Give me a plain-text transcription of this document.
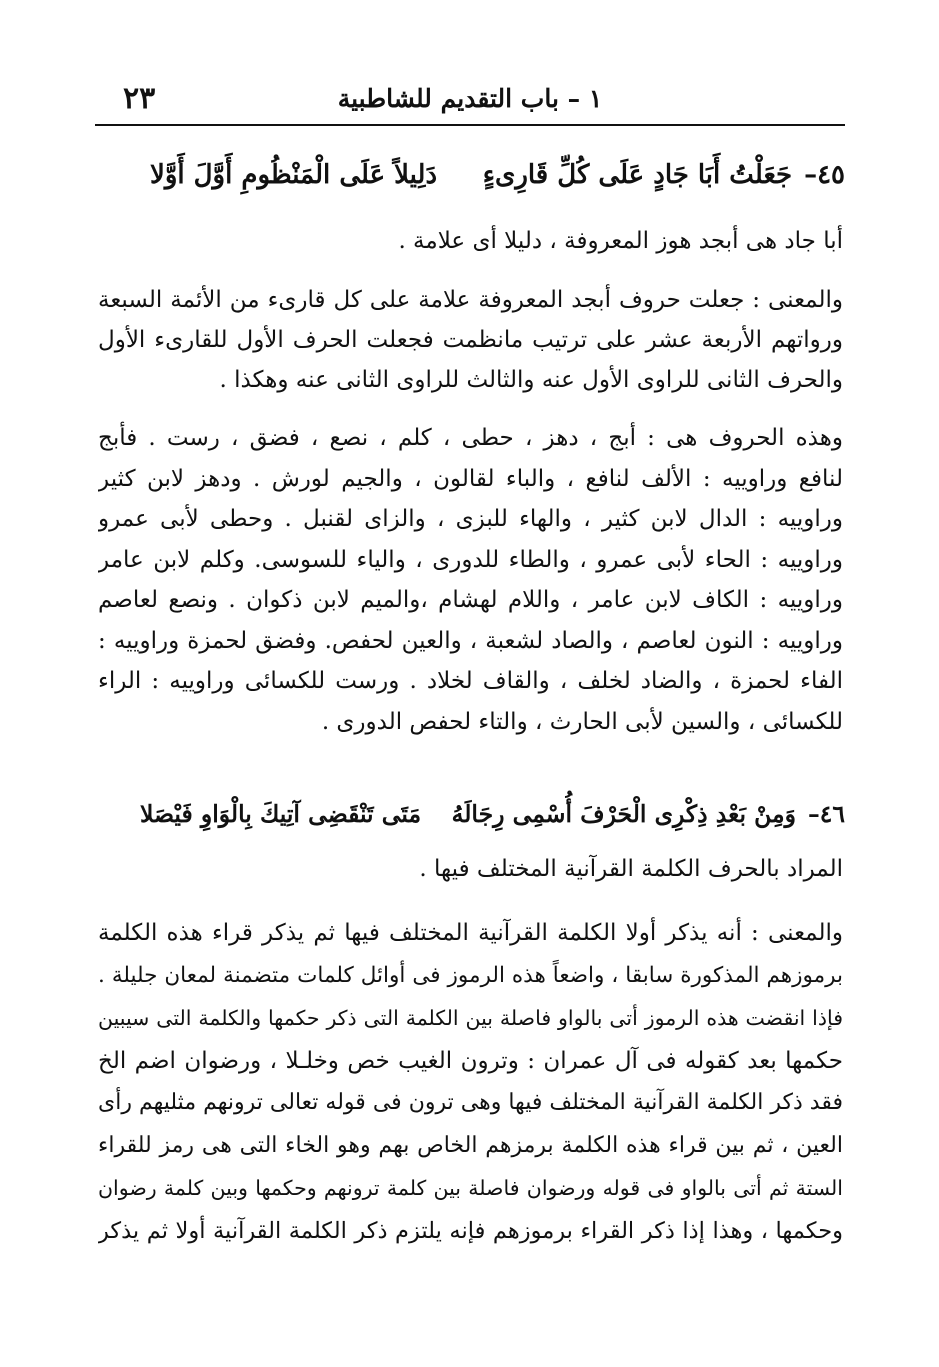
١ – باب التقديم للشاطبية
٢٣
٤٥–جَعَلْتُ أَبَا جَادٍ عَلَى كُلِّ قَارِىءٍ
دَلِيلاً عَلَى الْمَنْظُومِ أَوَّلَ أَوَّلا
أبا جاد هى أبجد هوز المعروفة ، دليلا أى علامة .
والمعنى : جعلت حروف أبجد المعروفة علامة على كل قارىء من الأئمة السبعة
ورواتهم الأربعة عشر على ترتيب مانظمت فجعلت الحرف الأول للقارىء الأول
والحرف الثانى للراوى الأول عنه والثالث للراوى الثانى عنه وهكذا .
وهذه الحروف هى : أبج ، دهز ، حطى ، كلم ، نصع ، فضق ، رست . فأبج
لنافع وراوييه : الألف لنافع ، والباء لقالون ، والجيم لورش . ودهز لابن كثير
وراوييه : الدال لابن كثير ، والهاء للبزى ، والزاى لقنبل . وحطى لأبى عمرو
وراوييه : الحاء لأبى عمرو ، والطاء للدورى ، والياء للسوسى. وكلم لابن عامر
وراوييه : الكاف لابن عامر ، واللام لهشام ،والميم لابن ذكوان . ونصع لعاصم
وراوييه : النون لعاصم ، والصاد لشعبة ، والعين لحفص. وفضق لحمزة وراوييه :
الفاء لحمزة ، والضاد لخلف ، والقاف لخلاد . ورست للكسائى وراوييه : الراء
للكسائى ، والسين لأبى الحارث ، والتاء لحفص الدورى .
٤٦–وَمِنْ بَعْدِ ذِكْرِى الْحَرْفَ أُسْمِى رِجَالَهُ
مَتَى تَنْقَضِى آتِيكَ بِالْوَاوِ فَيْصَلا
المراد بالحرف الكلمة القرآنية المختلف فيها .
والمعنى : أنه يذكر أولا الكلمة القرآنية المختلف فيها ثم يذكر قراء هذه الكلمة
برموزهم المذكورة سابقا ، واضعاً هذه الرموز فى أوائل كلمات متضمنة لمعان جليلة .
فإذا انقضت هذه الرموز أتى بالواو فاصلة بين الكلمة التى ذكر حكمها والكلمة التى سيبين
حكمها بعد كقوله فى آل عمران : وترون الغيب خص وخلـلا ، ورضوان اضم الخ
فقد ذكر الكلمة القرآنية المختلف فيها وهى ترون فى قوله تعالى ترونهم مثليهم رأى
العين ، ثم بين قراء هذه الكلمة برمزهم الخاص بهم وهو الخاء التى هى رمز للقراء
الستة ثم أتى بالواو فى قوله ورضوان فاصلة بين كلمة ترونهم وحكمها وبين كلمة رضوان
وحكمها ، وهذا إذا ذكر القراء برموزهم فإنه يلتزم ذكر الكلمة القرآنية أولا ثم يذكر
